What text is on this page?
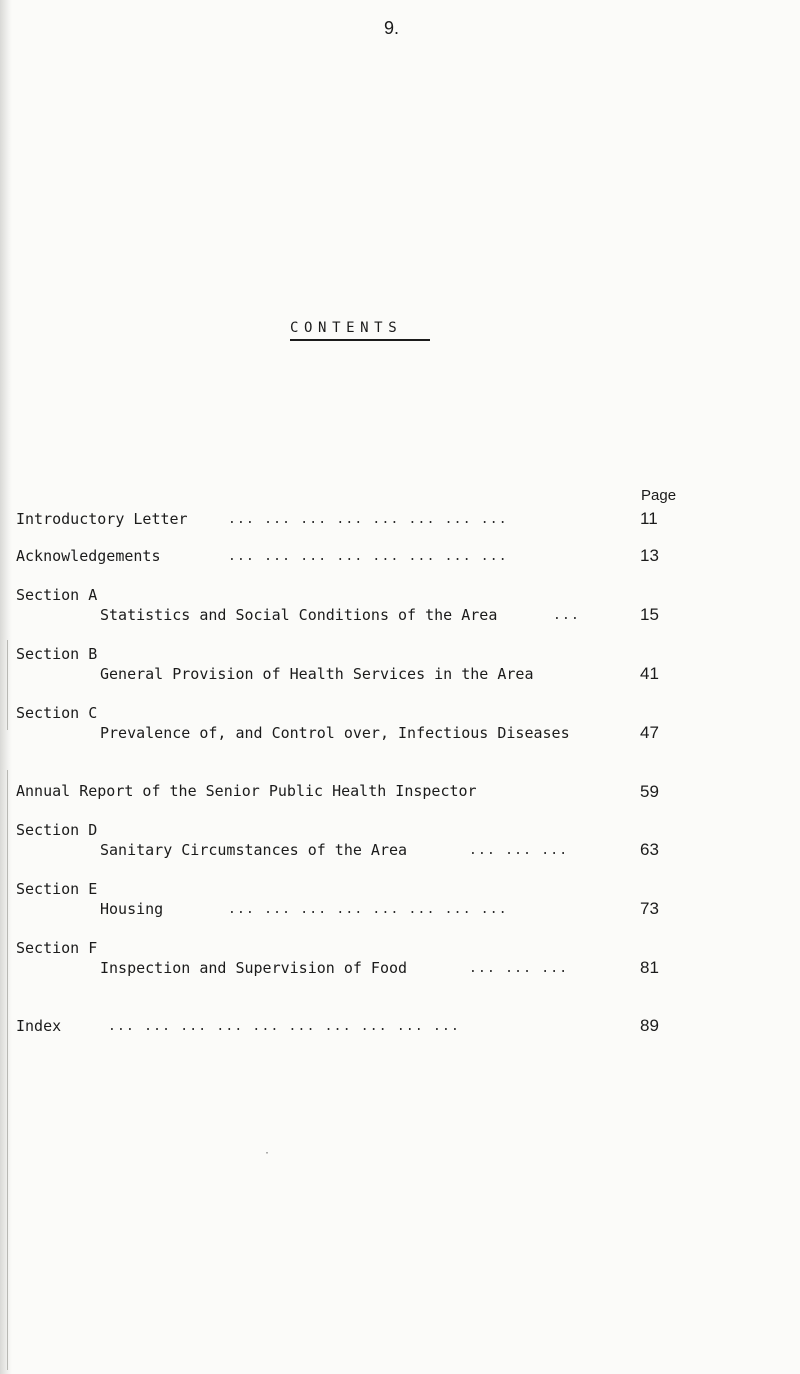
9.
CONTENTS
Page
Introductory Letter	... ... ... ... ... ... ... ...	11
Acknowledgements	... ... ... ... ... ... ... ...	13
Section A
Statistics and Social Conditions of the Area	...	15
Section B
General Provision of Health Services in the Area	41
Section C
Prevalence of, and Control over, Infectious Diseases	47
Annual Report of the Senior Public Health Inspector	59
Section D
Sanitary Circumstances of the Area	... ... ...	63
Section E
Housing	... ... ... ... ... ... ... ...	73
Section F
Inspection and Supervision of Food	... ... ...	81
Index	... ... ... ... ... ... ... ... ... ...	89
·
